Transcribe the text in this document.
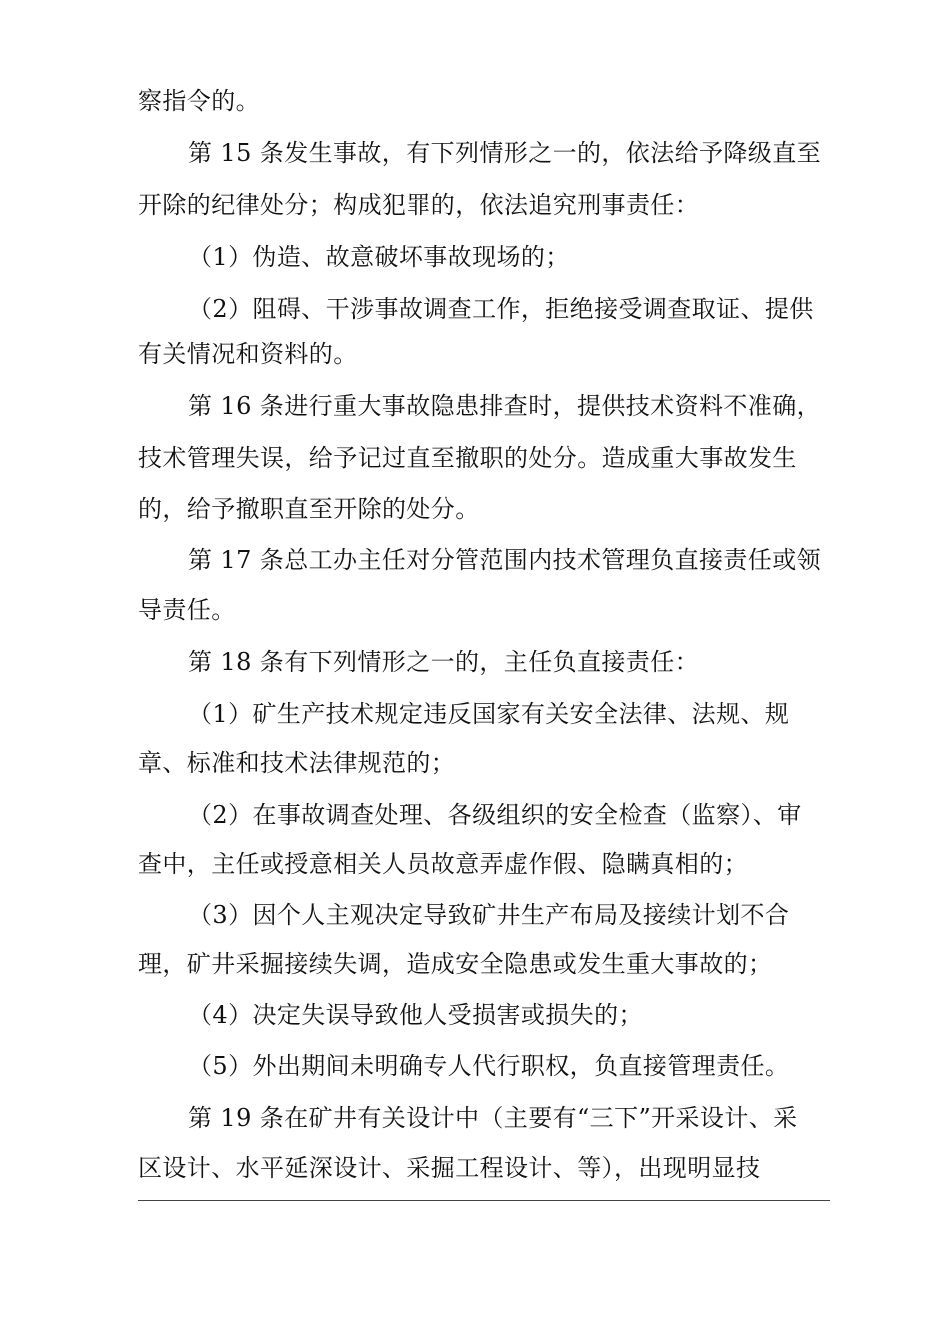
察指令的。
第 15 条发生事故，有下列情形之一的，依法给予降级直至
开除的纪律处分；构成犯罪的，依法追究刑事责任：
（1）伪造、故意破坏事故现场的；
（2）阻碍、干涉事故调查工作，拒绝接受调查取证、提供
有关情况和资料的。
第 16 条进行重大事故隐患排查时，提供技术资料不准确，
技术管理失误，给予记过直至撤职的处分。造成重大事故发生
的，给予撤职直至开除的处分。
第 17 条总工办主任对分管范围内技术管理负直接责任或领
导责任。
第 18 条有下列情形之一的，主任负直接责任：
（1）矿生产技术规定违反国家有关安全法律、法规、规
章、标准和技术法律规范的；
（2）在事故调查处理、各级组织的安全检查（监察）、审
查中，主任或授意相关人员故意弄虚作假、隐瞒真相的；
（3）因个人主观决定导致矿井生产布局及接续计划不合
理，矿井采掘接续失调，造成安全隐患或发生重大事故的；
（4）决定失误导致他人受损害或损失的；
（5）外出期间未明确专人代行职权，负直接管理责任。
第 19 条在矿井有关设计中（主要有“三下”开采设计、采
区设计、水平延深设计、采掘工程设计、等），出现明显技
